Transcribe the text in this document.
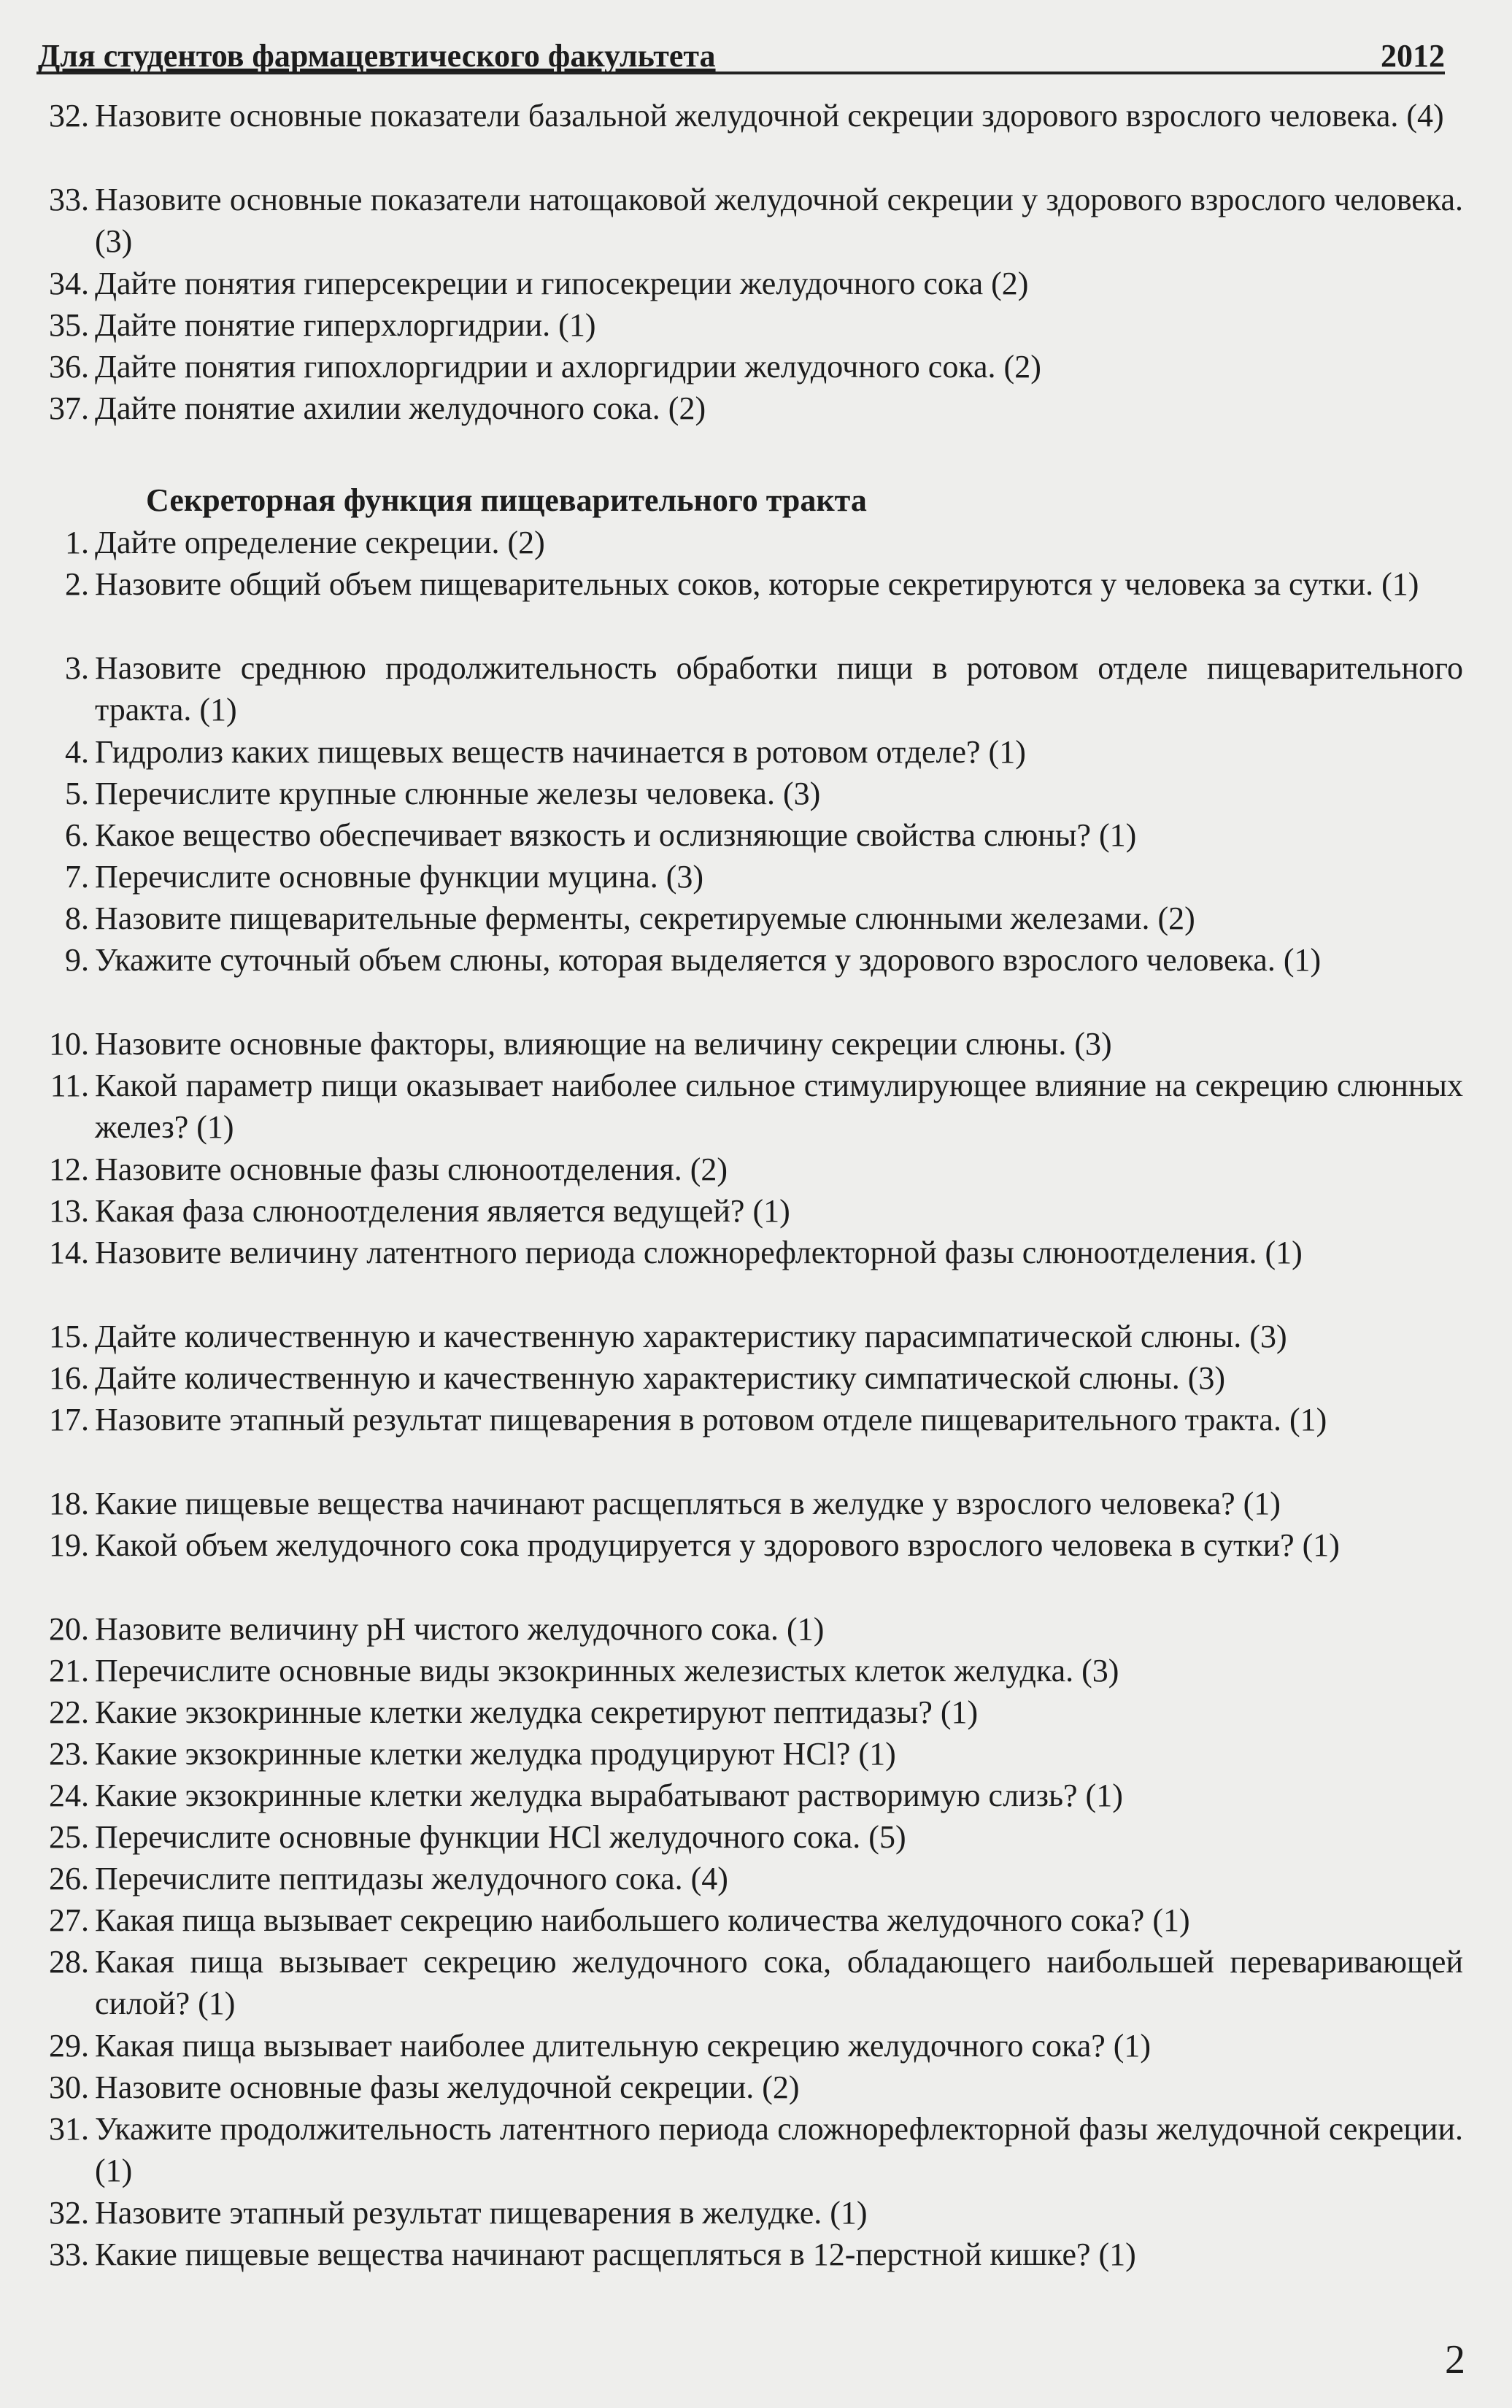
Для студентов фармацевтического факультета	2012
32. Назовите основные показатели базальной желудочной секреции здорового взрослого человека. (4)
33. Назовите основные показатели натощаковой желудочной секреции у здорового взрослого человека. (3)
34. Дайте понятия гиперсекреции и гипосекреции желудочного сока (2)
35. Дайте понятие гиперхлоргидрии. (1)
36. Дайте понятия гипохлоргидрии и ахлоргидрии желудочного сока. (2)
37. Дайте понятие ахилии желудочного сока. (2)
Секреторная функция пищеварительного тракта
1. Дайте определение секреции. (2)
2. Назовите общий объем пищеварительных соков, которые секретируются у человека за сутки. (1)
3. Назовите среднюю продолжительность обработки пищи в ротовом отделе пищеварительного тракта. (1)
4. Гидролиз каких пищевых веществ начинается в ротовом отделе? (1)
5. Перечислите крупные слюнные железы человека. (3)
6. Какое вещество обеспечивает вязкость и ослизняющие свойства слюны? (1)
7. Перечислите основные функции муцина. (3)
8. Назовите пищеварительные ферменты, секретируемые слюнными железами. (2)
9. Укажите суточный объем слюны, которая выделяется у здорового взрослого человека. (1)
10. Назовите основные факторы, влияющие на величину секреции слюны. (3)
11. Какой параметр пищи оказывает наиболее сильное стимулирующее влияние на секрецию слюнных желез? (1)
12. Назовите основные фазы слюноотделения. (2)
13. Какая фаза слюноотделения является ведущей? (1)
14. Назовите величину латентного периода сложнорефлекторной фазы слюноотделения. (1)
15. Дайте количественную и качественную характеристику парасимпатической слюны. (3)
16. Дайте количественную и качественную характеристику симпатической слюны. (3)
17. Назовите этапный результат пищеварения в ротовом отделе пищеварительного тракта. (1)
18. Какие пищевые вещества начинают расщепляться в желудке у взрослого человека? (1)
19. Какой объем желудочного сока продуцируется у здорового взрослого человека в сутки? (1)
20. Назовите величину pH чистого желудочного сока. (1)
21. Перечислите основные виды экзокринных железистых клеток желудка. (3)
22. Какие экзокринные клетки желудка секретируют пептидазы? (1)
23. Какие экзокринные клетки желудка продуцируют HCl? (1)
24. Какие экзокринные клетки желудка вырабатывают растворимую слизь? (1)
25. Перечислите основные функции HCl желудочного сока. (5)
26. Перечислите пептидазы желудочного сока. (4)
27. Какая пища вызывает секрецию наибольшего количества желудочного сока? (1)
28. Какая пища вызывает секрецию желудочного сока, обладающего наибольшей переваривающей силой? (1)
29. Какая пища вызывает наиболее длительную секрецию желудочного сока? (1)
30. Назовите основные фазы желудочной секреции. (2)
31. Укажите продолжительность латентного периода сложнорефлекторной фазы желудочной секреции. (1)
32. Назовите этапный результат пищеварения в желудке. (1)
33. Какие пищевые вещества начинают расщепляться в 12-перстной кишке? (1)
2
